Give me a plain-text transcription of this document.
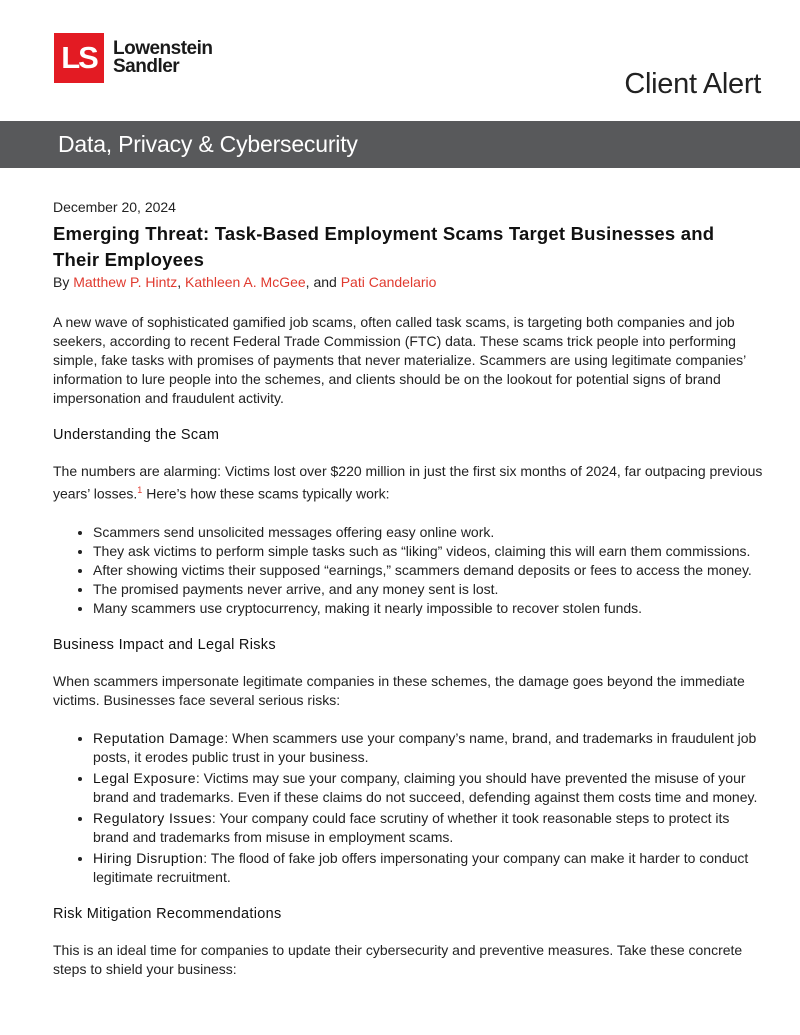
LS Lowenstein
Sandler
Client Alert
Data, Privacy & Cybersecurity
December 20, 2024
Emerging Threat: Task-Based Employment Scams Target Businesses and Their Employees
By Matthew P. Hintz, Kathleen A. McGee, and Pati Candelario

A new wave of sophisticated gamified job scams, often called task scams, is targeting both companies and job seekers, according to recent Federal Trade Commission (FTC) data. These scams trick people into performing simple, fake tasks with promises of payments that never materialize. Scammers are using legitimate companies’ information to lure people into the schemes, and clients should be on the lookout for potential signs of brand impersonation and fraudulent activity.

Understanding the Scam

The numbers are alarming: Victims lost over $220 million in just the first six months of 2024, far outpacing previous years’ losses.$^1$ Here’s how these scams typically work:

• Scammers send unsolicited messages offering easy online work.
• They ask victims to perform simple tasks such as “liking” videos, claiming this will earn them commissions.
• After showing victims their supposed “earnings,” scammers demand deposits or fees to access the money.
• The promised payments never arrive, and any money sent is lost.
• Many scammers use cryptocurrency, making it nearly impossible to recover stolen funds.
Business Impact and Legal Risks

When scammers impersonate legitimate companies in these schemes, the damage goes beyond the immediate victims. Businesses face several serious risks:

• Reputation Damage: When scammers use your company’s name, brand, and trademarks in fraudulent job posts, it erodes public trust in your business.
• Legal Exposure: Victims may sue your company, claiming you should have prevented the misuse of your brand and trademarks. Even if these claims do not succeed, defending against them costs time and money.
• Regulatory Issues: Your company could face scrutiny of whether it took reasonable steps to protect its brand and trademarks from misuse in employment scams.
• Hiring Disruption: The flood of fake job offers impersonating your company can make it harder to conduct legitimate recruitment.
Risk Mitigation Recommendations

This is an ideal time for companies to update their cybersecurity and preventive measures. Take these concrete steps to shield your business:
